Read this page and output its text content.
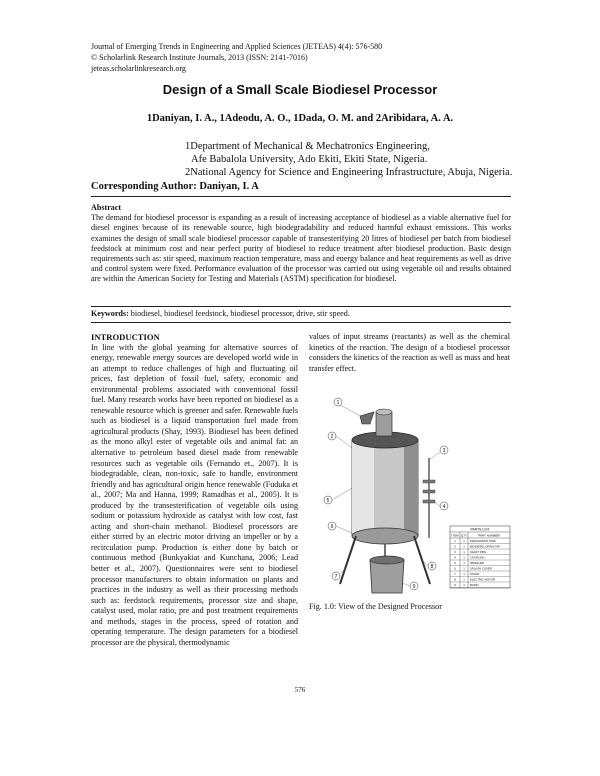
Journal of Emerging Trends in Engineering and Applied Sciences (JETEAS) 4(4): 576-580
© Scholarlink Research Institute Journals, 2013 (ISSN: 2141-7016)
jeteas.scholarlinkresearch.org
Design of a Small Scale Biodiesel Processor
1Daniyan, I. A., 1Adeodu, A. O., 1Dada, O. M. and 2Aribidara, A. A.
1Department of Mechanical & Mechatronics Engineering,
Afe Babalola University, Ado Ekiti, Ekiti State, Nigeria.
2National Agency for Science and Engineering Infrastructure, Abuja, Nigeria.
Corresponding Author: Daniyan, I. A
Abstract

The demand for biodiesel processor is expanding as a result of increasing acceptance of biodiesel as a viable alternative fuel for diesel engines because of its renewable source, high biodegradability and reduced harmful exhaust emissions. This works examines the design of small scale biodiesel processor capable of transesterifying 20 litres of biodiesel per batch from biodiesel feedstock at minimum cost and near perfect purity of biodiesel to reduce treatment after biodiesel production. Basic design requirements such as: stir speed, maximum reaction temperature, mass and energy balance and heat requirements as well as drive and control system were fixed. Performance evaluation of the processor was carried out using vegetable oil and results obtained are within the American Society for Testing and Materials (ASTM) specification for biodiesel.

Keywords: biodiesel, biodiesel feedstock, biodiesel processor, drive, stir speed.
INTRODUCTION

In line with the global yearning for alternative sources of energy, renewable energy sources are developed world wide in an attempt to reduce challenges of high and fluctuating oil prices, fast depletion of fossil fuel, safety, economic and environmental problems associated with conventional fossil fuel. Many research works have been reported on biodiesel as a renewable resource which is greener and safer. Renewable fuels such as biodiesel is a liquid transportation fuel made from agricultural products (Shay, 1993). Biodiesel has been defined as the mono alkyl ester of vegetable oils and animal fat: an alternative to petroleum based diesel made from renewable resources such as vegetable oils (Fernando et., 2007). It is biodegradable, clean, non-toxic, safe to handle, environment friendly and has agricultural origin hence renewable (Fuduka et al., 2007; Ma and Hanna, 1999; Ramadhas et al., 2005). It is produced by the transesterification of vegetable oils using sodium or potassium hydroxide as catalyst with low cost, fast acting and short-chain methanol. Biodiesel processors are either stirred by an electric motor driving an impeller or by a recirculation pump. Production is either done by batch or continuous method (Bunkyakiat and Kunchana, 2006; Lead better et al., 2007). Questionnaires were sent to biodiesel processor manufacturers to obtain information on plants and practices in the industry as well as their processing methods such as: feedstock requirements, processor size and shape, catalyst used, molar ratio, pre and post treatment requirements and methods, stages in the process, speed of rotation and operating temperature. The design parameters for a biodiesel processor are the physical, thermodynamic

values of input streams (reactants) as well as the chemical kinetics of the reaction. The design of a biodiesel processor considers the kinetics of the reaction as well as mass and heat transfer effect.
1
2
3
4
5
6
7
8
9
PARTS LIST
ITEM QTY	PART NUMBER
1	1 PROCESSOR TANK
2	1 BIODIESEL DRAIN TAP
3	1 SHAFT PIPE
4	1 COUPLING
5	1 IMPELLER
6	1 SPLASH COVER
7	1 STAND
8	1 ELECTRIC MOTOR
9	1 BASIN
Fig. 1.0: View of the Designed Processor
576
